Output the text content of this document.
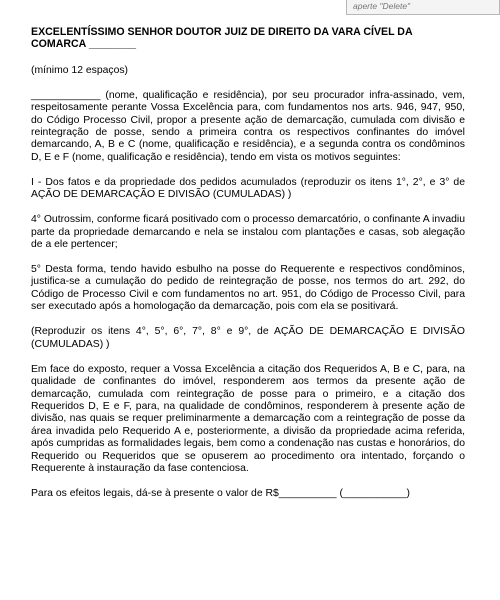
aperte "Delete"
EXCELENTÍSSIMO SENHOR DOUTOR JUIZ DE DIREITO DA VARA CÍVEL DA COMARCA ________

(mínimo 12 espaços)

____________ (nome, qualificação e residência), por seu procurador infra-assinado, vem, respeitosamente perante Vossa Excelência para, com fundamentos nos arts. 946, 947, 950, do Código Processo Civil, propor a presente ação de demarcação, cumulada com divisão e reintegração de posse, sendo a primeira contra os respectivos confinantes do imóvel demarcando, A, B e C (nome, qualificação e residência), e a segunda contra os condôminos D, E e F (nome, qualificação e residência), tendo em vista os motivos seguintes:

I - Dos fatos e da propriedade dos pedidos acumulados (reproduzir os itens 1°, 2°, e 3° de AÇÃO DE DEMARCAÇÃO E DIVISÃO (CUMULADAS) )

4° Outrossim, conforme ficará positivado com o processo demarcatório, o confinante A invadiu parte da propriedade demarcando e nela se instalou com plantações e casas, sob alegação de a ele pertencer;

5° Desta forma, tendo havido esbulho na posse do Requerente e respectivos condôminos, justifica-se a cumulação do pedido de reintegração de posse, nos termos do art. 292, do Código de Processo Civil e com fundamentos no art. 951, do Código de Processo Civil, para ser executado após a homologação da demarcação, pois com ela se positivará.

(Reproduzir os itens 4°, 5°, 6°, 7°, 8° e 9°, de AÇÃO DE DEMARCAÇÃO E DIVISÃO (CUMULADAS) )

Em face do exposto, requer a Vossa Excelência a citação dos Requeridos A, B e C, para, na qualidade de confinantes do imóvel, responderem aos termos da presente ação de demarcação, cumulada com reintegração de posse para o primeiro, e a citação dos Requeridos D, E e F, para, na qualidade de condôminos, responderem à presente ação de divisão, nas quais se requer preliminarmente a demarcação com a reintegração de posse da área invadida pelo Requerido A e, posteriormente, a divisão da propriedade acima referida, após cumpridas as formalidades legais, bem como a condenação nas custas e honorários, do Requerido ou Requeridos que se opuserem ao procedimento ora intentado, forçando o Requerente à instauração da fase contenciosa.

Para os efeitos legais, dá-se à presente o valor de R$__________ (___________)
